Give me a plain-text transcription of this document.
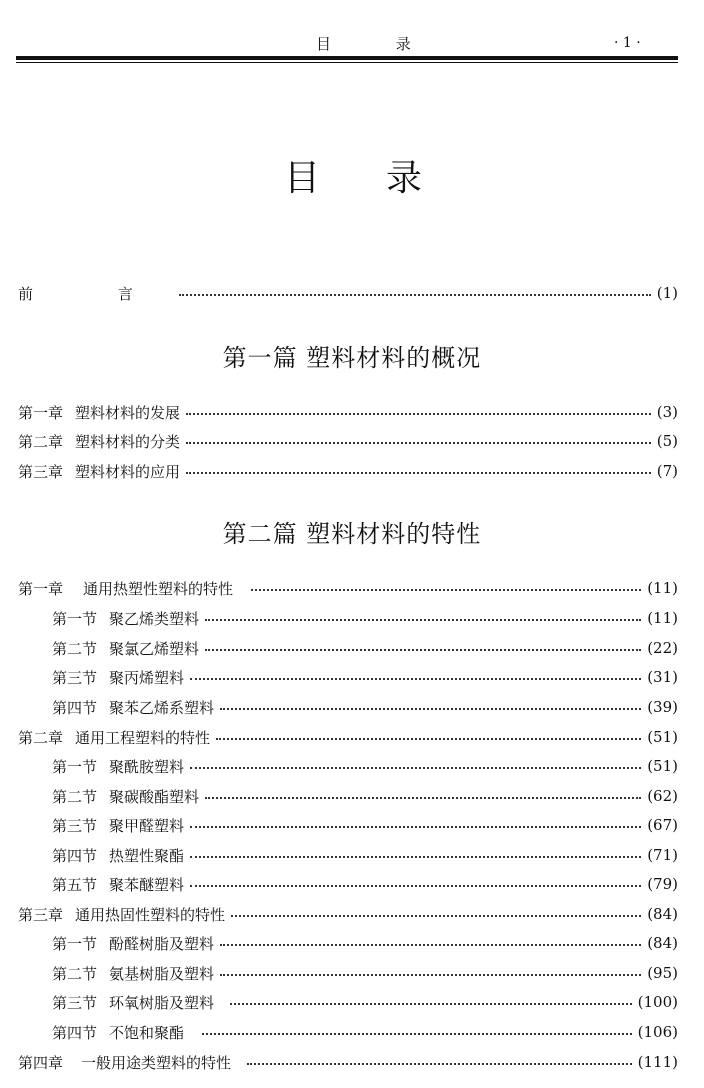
目 录	· 1 ·
目 录
前 言	(1)
第一篇 塑料材料的概况
第二篇 塑料材料的特性
第一章 塑料材料的发展	(3)
第二章 塑料材料的分类	(5)
第三章 塑料材料的应用	(7)
第一章 通用热塑性塑料的特性	(11)
第一节 聚乙烯类塑料	(11)
第二节 聚氯乙烯塑料	(22)
第三节 聚丙烯塑料	(31)
第四节 聚苯乙烯系塑料	(39)
第二章 通用工程塑料的特性	(51)
第一节 聚酰胺塑料	(51)
第二节 聚碳酸酯塑料	(62)
第三节 聚甲醛塑料	(67)
第四节 热塑性聚酯	(71)
第五节 聚苯醚塑料	(79)
第三章 通用热固性塑料的特性	(84)
第一节 酚醛树脂及塑料	(84)
第二节 氨基树脂及塑料	(95)
第三节 环氧树脂及塑料	(100)
第四节 不饱和聚酯	(106)
第四章 一般用途类塑料的特性	(111)
